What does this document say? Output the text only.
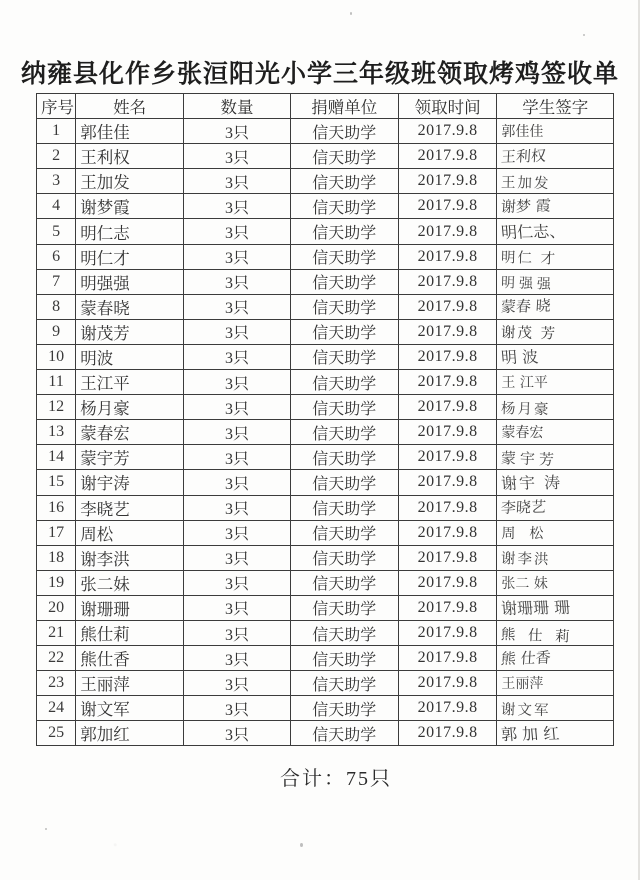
纳雍县化作乡张洹阳光小学三年级班领取烤鸡签收单
序号	姓名	数量	捐赠单位	领取时间	学生签字
1	郭佳佳	3只	信天助学	2017.9.8	郭佳佳
2	王利权	3只	信天助学	2017.9.8	王利权
3	王加发	3只	信天助学	2017.9.8	王加发
4	谢梦霞	3只	信天助学	2017.9.8	谢梦 霞
5	明仁志	3只	信天助学	2017.9.8	明仁志、
6	明仁才	3只	信天助学	2017.9.8	明仁 才
7	明强强	3只	信天助学	2017.9.8	明强强
8	蒙春晓	3只	信天助学	2017.9.8	蒙春 晓
9	谢茂芳	3只	信天助学	2017.9.8	谢茂 芳
10	明波	3只	信天助学	2017.9.8	明 波
11	王江平	3只	信天助学	2017.9.8	王 江平
12	杨月豪	3只	信天助学	2017.9.8	杨月豪
13	蒙春宏	3只	信天助学	2017.9.8	蒙春宏
14	蒙宇芳	3只	信天助学	2017.9.8	蒙宇芳
15	谢宇涛	3只	信天助学	2017.9.8	谢宇 涛
16	李晓艺	3只	信天助学	2017.9.8	李晓艺
17	周松	3只	信天助学	2017.9.8	周　松
18	谢李洪	3只	信天助学	2017.9.8	谢李洪
19	张二妹	3只	信天助学	2017.9.8	张二 妹
20	谢珊珊	3只	信天助学	2017.9.8	谢珊珊 珊
21	熊仕莉	3只	信天助学	2017.9.8	熊 仕 莉
22	熊仕香	3只	信天助学	2017.9.8	熊 仕香
23	王丽萍	3只	信天助学	2017.9.8	王丽萍
24	谢文军	3只	信天助学	2017.9.8	谢文军
25	郭加红	3只	信天助学	2017.9.8	郭 加 红
合计：75只
